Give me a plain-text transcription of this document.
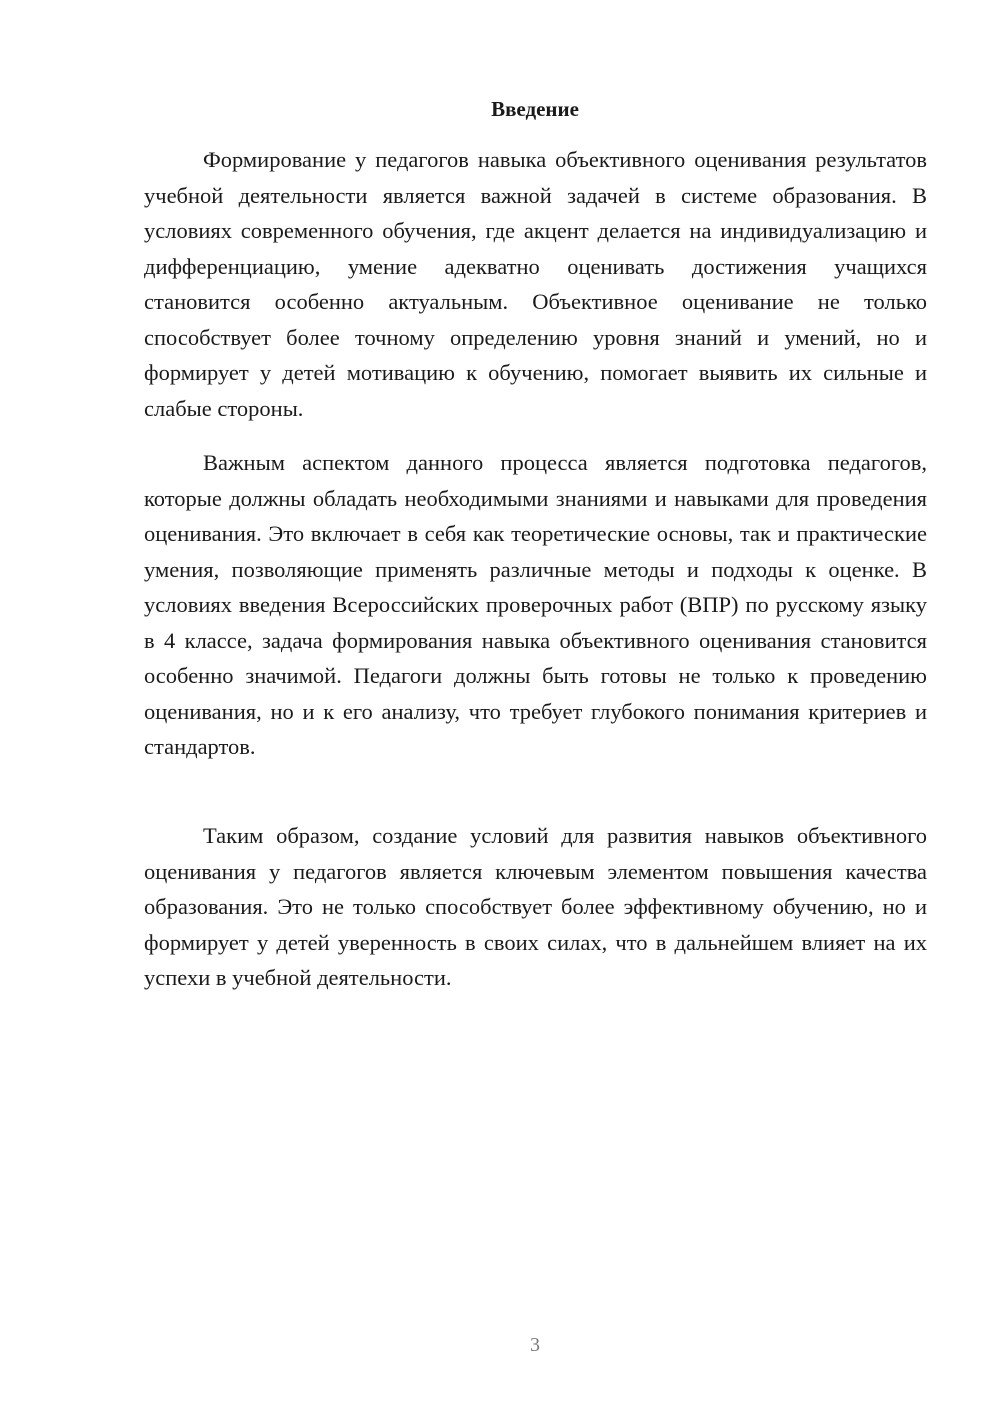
Введение

Формирование у педагогов навыка объективного оценивания результатов учебной деятельности является важной задачей в системе образования. В условиях современного обучения, где акцент делается на индивидуализацию и дифференциацию, умение адекватно оценивать достижения учащихся становится особенно актуальным. Объективное оценивание не только способствует более точному определению уровня знаний и умений, но и формирует у детей мотивацию к обучению, помогает выявить их сильные и слабые стороны.

Важным аспектом данного процесса является подготовка педагогов, которые должны обладать необходимыми знаниями и навыками для проведения оценивания. Это включает в себя как теоретические основы, так и практические умения, позволяющие применять различные методы и подходы к оценке. В условиях введения Всероссийских проверочных работ (ВПР) по русскому языку в 4 классе, задача формирования навыка объективного оценивания становится особенно значимой. Педагоги должны быть готовы не только к проведению оценивания, но и к его анализу, что требует глубокого понимания критериев и стандартов.

Таким образом, создание условий для развития навыков объективного оценивания у педагогов является ключевым элементом повышения качества образования. Это не только способствует более эффективному обучению, но и формирует у детей уверенность в своих силах, что в дальнейшем влияет на их успехи в учебной деятельности.

3
